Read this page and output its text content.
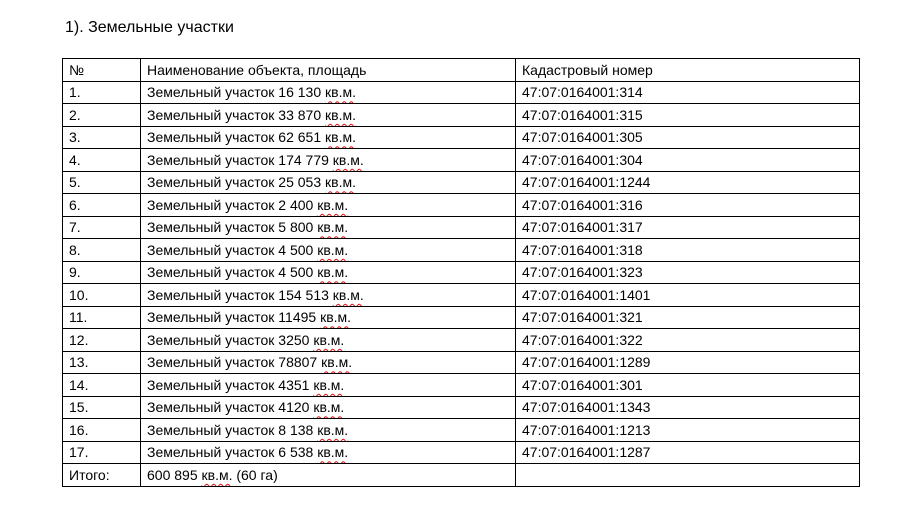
1). Земельные участки
№	Наименование объекта, площадь	Кадастровый номер
1.	Земельный участок 16 130 кв.м.	47:07:0164001:314
2.	Земельный участок 33 870 кв.м.	47:07:0164001:315
3.	Земельный участок 62 651 кв.м.	47:07:0164001:305
4.	Земельный участок 174 779 кв.м.	47:07:0164001:304
5.	Земельный участок 25 053 кв.м.	47:07:0164001:1244
6.	Земельный участок 2 400 кв.м.	47:07:0164001:316
7.	Земельный участок 5 800 кв.м.	47:07:0164001:317
8.	Земельный участок 4 500 кв.м.	47:07:0164001:318
9.	Земельный участок 4 500 кв.м.	47:07:0164001:323
10.	Земельный участок 154 513 кв.м.	47:07:0164001:1401
11.	Земельный участок 11495 кв.м.	47:07:0164001:321
12.	Земельный участок 3250 кв.м.	47:07:0164001:322
13.	Земельный участок 78807 кв.м.	47:07:0164001:1289
14.	Земельный участок 4351 кв.м.	47:07:0164001:301
15.	Земельный участок 4120 кв.м.	47:07:0164001:1343
16.	Земельный участок 8 138 кв.м.	47:07:0164001:1213
17.	Земельный участок 6 538 кв.м.	47:07:0164001:1287
Итого:	600 895 кв.м. (60 га)	
